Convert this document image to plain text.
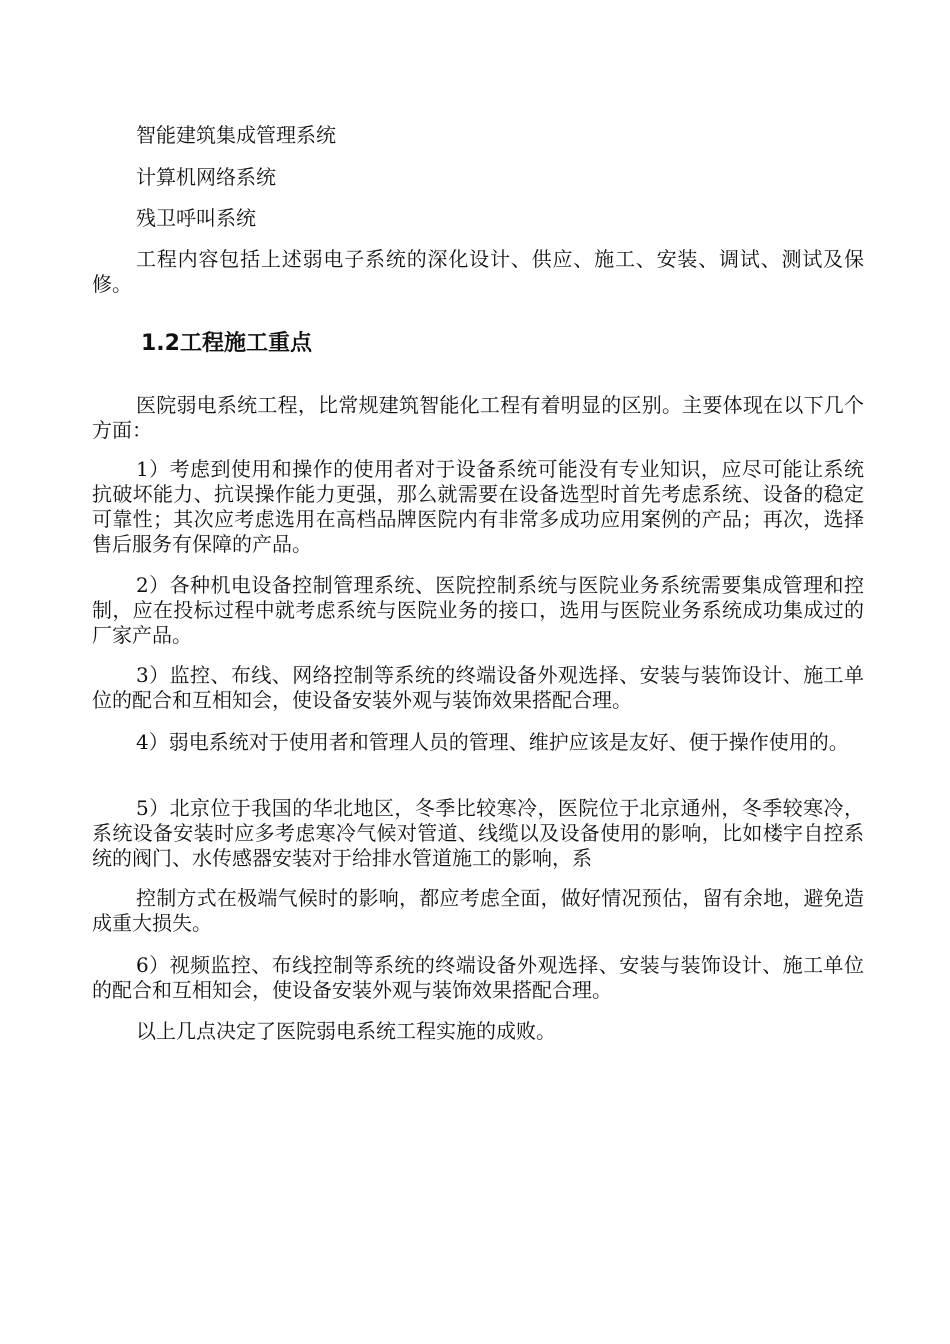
智能建筑集成管理系统

计算机网络系统

残卫呼叫系统

工程内容包括上述弱电子系统的深化设计、供应、施工、安装、调试、测试及保修。

1.2工程施工重点

医院弱电系统工程，比常规建筑智能化工程有着明显的区别。主要体现在以下几个方面：

1）考虑到使用和操作的使用者对于设备系统可能没有专业知识，应尽可能让系统抗破坏能力、抗误操作能力更强，那么就需要在设备选型时首先考虑系统、设备的稳定可靠性；其次应考虑选用在高档品牌医院内有非常多成功应用案例的产品；再次，选择售后服务有保障的产品。

2）各种机电设备控制管理系统、医院控制系统与医院业务系统需要集成管理和控制，应在投标过程中就考虑系统与医院业务的接口，选用与医院业务系统成功集成过的厂家产品。

3）监控、布线、网络控制等系统的终端设备外观选择、安装与装饰设计、施工单位的配合和互相知会，使设备安装外观与装饰效果搭配合理。

4）弱电系统对于使用者和管理人员的管理、维护应该是友好、便于操作使用的。

5）北京位于我国的华北地区，冬季比较寒冷，医院位于北京通州，冬季较寒冷，系统设备安装时应多考虑寒冷气候对管道、线缆以及设备使用的影响，比如楼宇自控系统的阀门、水传感器安装对于给排水管道施工的影响，系

控制方式在极端气候时的影响，都应考虑全面，做好情况预估，留有余地，避免造成重大损失。

6）视频监控、布线控制等系统的终端设备外观选择、安装与装饰设计、施工单位的配合和互相知会，使设备安装外观与装饰效果搭配合理。

以上几点决定了医院弱电系统工程实施的成败。
